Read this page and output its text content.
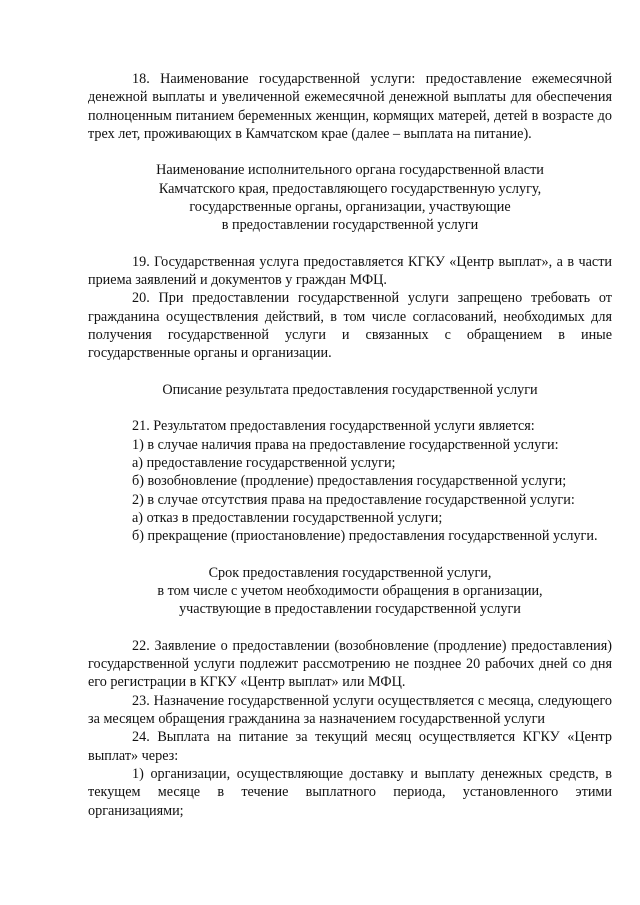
18. Наименование государственной услуги: предоставление ежемесячной денежной выплаты и увеличенной ежемесячной денежной выплаты для обеспечения полноценным питанием беременных женщин, кормящих матерей, детей в возрасте до трех лет, проживающих в Камчатском крае (далее – выплата на питание).

Наименование исполнительного органа государственной власти
Камчатского края, предоставляющего государственную услугу,
государственные органы, организации, участвующие
в предоставлении государственной услуги

19. Государственная услуга предоставляется КГКУ «Центр выплат», а в части приема заявлений и документов у граждан МФЦ.

20. При предоставлении государственной услуги запрещено требовать от гражданина осуществления действий, в том числе согласований, необходимых для получения государственной услуги и связанных с обращением в иные государственные органы и организации.

Описание результата предоставления государственной услуги

21. Результатом предоставления государственной услуги является:

1) в случае наличия права на предоставление государственной услуги:

а) предоставление государственной услуги;

б) возобновление (продление) предоставления государственной услуги;

2) в случае отсутствия права на предоставление государственной услуги:

а) отказ в предоставлении государственной услуги;

б) прекращение (приостановление) предоставления государственной услуги.

Срок предоставления государственной услуги,
в том числе с учетом необходимости обращения в организации,
участвующие в предоставлении государственной услуги

22. Заявление о предоставлении (возобновление (продление) предоставления) государственной услуги подлежит рассмотрению не позднее 20 рабочих дней со дня его регистрации в КГКУ «Центр выплат» или МФЦ.

23. Назначение государственной услуги осуществляется с месяца, следующего за месяцем обращения гражданина за назначением государственной услуги

24. Выплата на питание за текущий месяц осуществляется КГКУ «Центр выплат» через:

1) организации, осуществляющие доставку и выплату денежных средств, в текущем месяце в течение выплатного периода, установленного этими организациями;
